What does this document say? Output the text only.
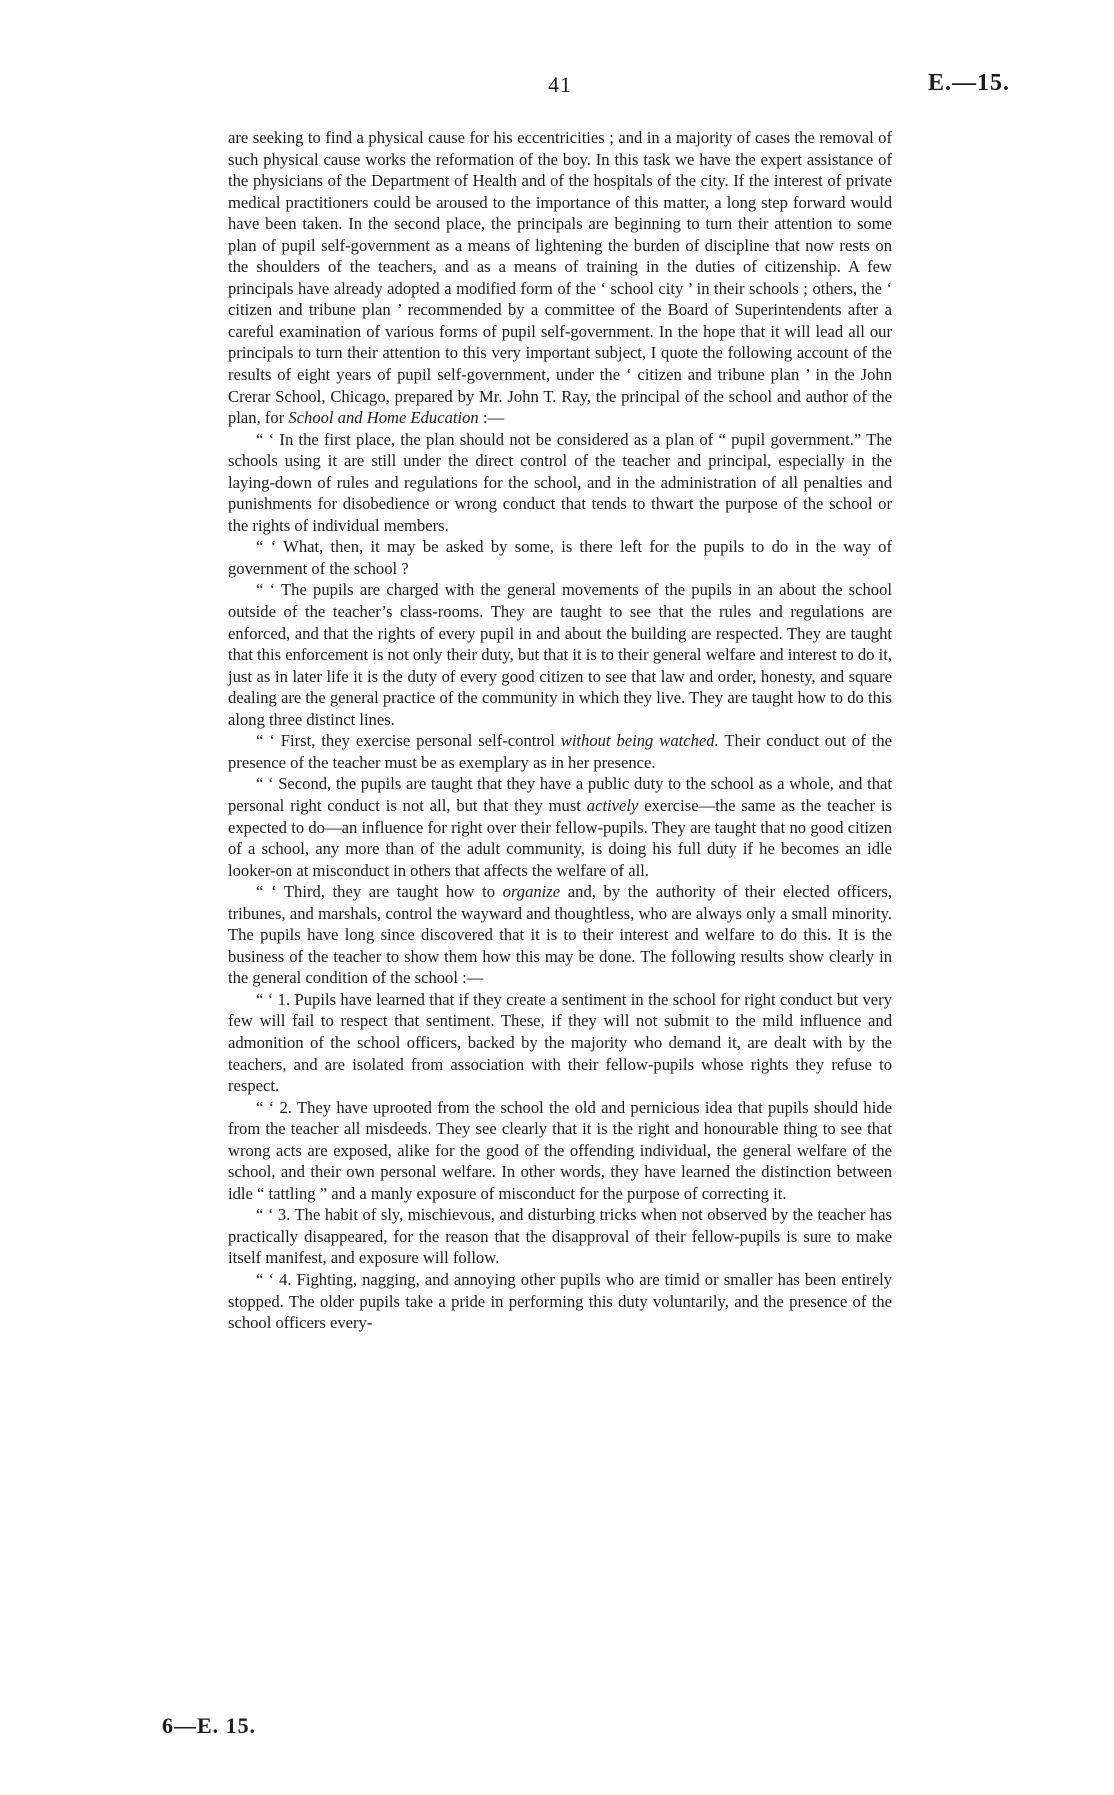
41	E.—15.

are seeking to find a physical cause for his eccentricities ; and in a majority of cases the removal of such physical cause works the reformation of the boy. In this task we have the expert assistance of the physicians of the Department of Health and of the hospitals of the city. If the interest of private medical practitioners could be aroused to the importance of this matter, a long step forward would have been taken. In the second place, the principals are beginning to turn their attention to some plan of pupil self-government as a means of lightening the burden of discipline that now rests on the shoulders of the teachers, and as a means of training in the duties of citizenship. A few principals have already adopted a modified form of the ‘ school city ’ in their schools ; others, the ‘ citizen and tribune plan ’ recommended by a committee of the Board of Superintendents after a careful examination of various forms of pupil self-government. In the hope that it will lead all our principals to turn their attention to this very important subject, I quote the following account of the results of eight years of pupil self-government, under the ‘ citizen and tribune plan ’ in the John Crerar School, Chicago, prepared by Mr. John T. Ray, the principal of the school and author of the plan, for School and Home Education :—

“ ‘ In the first place, the plan should not be considered as a plan of “ pupil government.” The schools using it are still under the direct control of the teacher and principal, especially in the laying-down of rules and regulations for the school, and in the administration of all penalties and punishments for disobedience or wrong conduct that tends to thwart the purpose of the school or the rights of individual members.

“ ‘ What, then, it may be asked by some, is there left for the pupils to do in the way of government of the school ?

“ ‘ The pupils are charged with the general movements of the pupils in an about the school outside of the teacher’s class-rooms. They are taught to see that the rules and regulations are enforced, and that the rights of every pupil in and about the building are respected. They are taught that this enforcement is not only their duty, but that it is to their general welfare and interest to do it, just as in later life it is the duty of every good citizen to see that law and order, honesty, and square dealing are the general practice of the community in which they live. They are taught how to do this along three distinct lines.

“ ‘ First, they exercise personal self-control without being watched. Their conduct out of the presence of the teacher must be as exemplary as in her presence.

“ ‘ Second, the pupils are taught that they have a public duty to the school as a whole, and that personal right conduct is not all, but that they must actively exercise—the same as the teacher is expected to do—an influence for right over their fellow-pupils. They are taught that no good citizen of a school, any more than of the adult community, is doing his full duty if he becomes an idle looker-on at misconduct in others that affects the welfare of all.

“ ‘ Third, they are taught how to organize and, by the authority of their elected officers, tribunes, and marshals, control the wayward and thoughtless, who are always only a small minority. The pupils have long since discovered that it is to their interest and welfare to do this. It is the business of the teacher to show them how this may be done. The following results show clearly in the general condition of the school :—

“ ‘ 1. Pupils have learned that if they create a sentiment in the school for right conduct but very few will fail to respect that sentiment. These, if they will not submit to the mild influence and admonition of the school officers, backed by the majority who demand it, are dealt with by the teachers, and are isolated from association with their fellow-pupils whose rights they refuse to respect.

“ ‘ 2. They have uprooted from the school the old and pernicious idea that pupils should hide from the teacher all misdeeds. They see clearly that it is the right and honourable thing to see that wrong acts are exposed, alike for the good of the offending individual, the general welfare of the school, and their own personal welfare. In other words, they have learned the distinction between idle “ tattling ” and a manly exposure of misconduct for the purpose of correcting it.

“ ‘ 3. The habit of sly, mischievous, and disturbing tricks when not observed by the teacher has practically disappeared, for the reason that the disapproval of their fellow-pupils is sure to make itself manifest, and exposure will follow.

“ ‘ 4. Fighting, nagging, and annoying other pupils who are timid or smaller has been entirely stopped. The older pupils take a pride in performing this duty voluntarily, and the presence of the school officers every-

6—E. 15.
